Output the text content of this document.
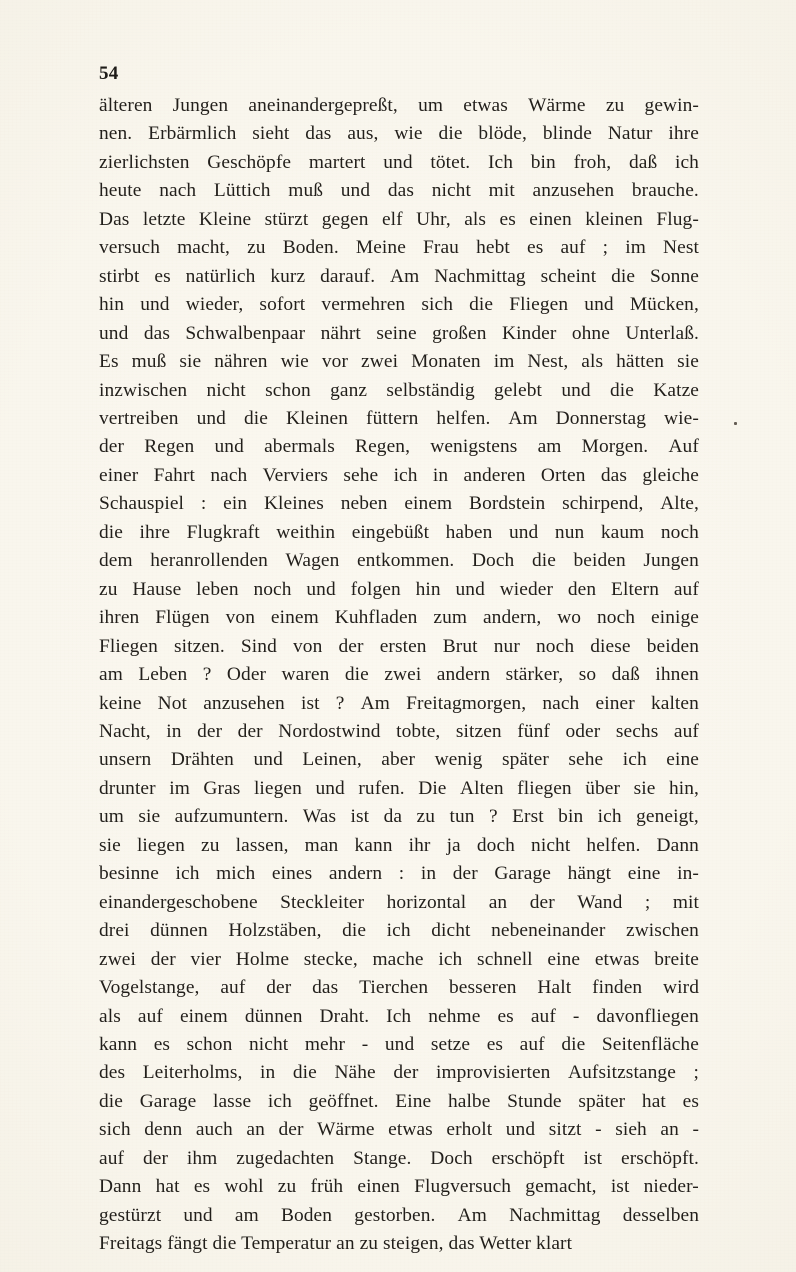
54
älteren Jungen aneinandergepreßt, um etwas Wärme zu gewin-
nen. Erbärmlich sieht das aus, wie die blöde, blinde Natur ihre
zierlichsten Geschöpfe martert und tötet. Ich bin froh, daß ich
heute nach Lüttich muß und das nicht mit anzusehen brauche.
Das letzte Kleine stürzt gegen elf Uhr, als es einen kleinen Flug-
versuch macht, zu Boden. Meine Frau hebt es auf ; im Nest
stirbt es natürlich kurz darauf. Am Nachmittag scheint die Sonne
hin und wieder, sofort vermehren sich die Fliegen und Mücken,
und das Schwalbenpaar nährt seine großen Kinder ohne Unterlaß.
Es muß sie nähren wie vor zwei Monaten im Nest, als hätten sie
inzwischen nicht schon ganz selbständig gelebt und die Katze
vertreiben und die Kleinen füttern helfen. Am Donnerstag wie-
der Regen und abermals Regen, wenigstens am Morgen. Auf
einer Fahrt nach Verviers sehe ich in anderen Orten das gleiche
Schauspiel : ein Kleines neben einem Bordstein schirpend, Alte,
die ihre Flugkraft weithin eingebüßt haben und nun kaum noch
dem heranrollenden Wagen entkommen. Doch die beiden Jungen
zu Hause leben noch und folgen hin und wieder den Eltern auf
ihren Flügen von einem Kuhfladen zum andern, wo noch einige
Fliegen sitzen. Sind von der ersten Brut nur noch diese beiden
am Leben ? Oder waren die zwei andern stärker, so daß ihnen
keine Not anzusehen ist ? Am Freitagmorgen, nach einer kalten
Nacht, in der der Nordostwind tobte, sitzen fünf oder sechs auf
unsern Drähten und Leinen, aber wenig später sehe ich eine
drunter im Gras liegen und rufen. Die Alten fliegen über sie hin,
um sie aufzumuntern. Was ist da zu tun ? Erst bin ich geneigt,
sie liegen zu lassen, man kann ihr ja doch nicht helfen. Dann
besinne ich mich eines andern : in der Garage hängt eine in-
einandergeschobene Steckleiter horizontal an der Wand ; mit
drei dünnen Holzstäben, die ich dicht nebeneinander zwischen
zwei der vier Holme stecke, mache ich schnell eine etwas breite
Vogelstange, auf der das Tierchen besseren Halt finden wird
als auf einem dünnen Draht. Ich nehme es auf - davonfliegen
kann es schon nicht mehr - und setze es auf die Seitenfläche
des Leiterholms, in die Nähe der improvisierten Aufsitzstange ;
die Garage lasse ich geöffnet. Eine halbe Stunde später hat es
sich denn auch an der Wärme etwas erholt und sitzt - sieh an -
auf der ihm zugedachten Stange. Doch erschöpft ist erschöpft.
Dann hat es wohl zu früh einen Flugversuch gemacht, ist nieder-
gestürzt und am Boden gestorben. Am Nachmittag desselben
Freitags fängt die Temperatur an zu steigen, das Wetter klart
